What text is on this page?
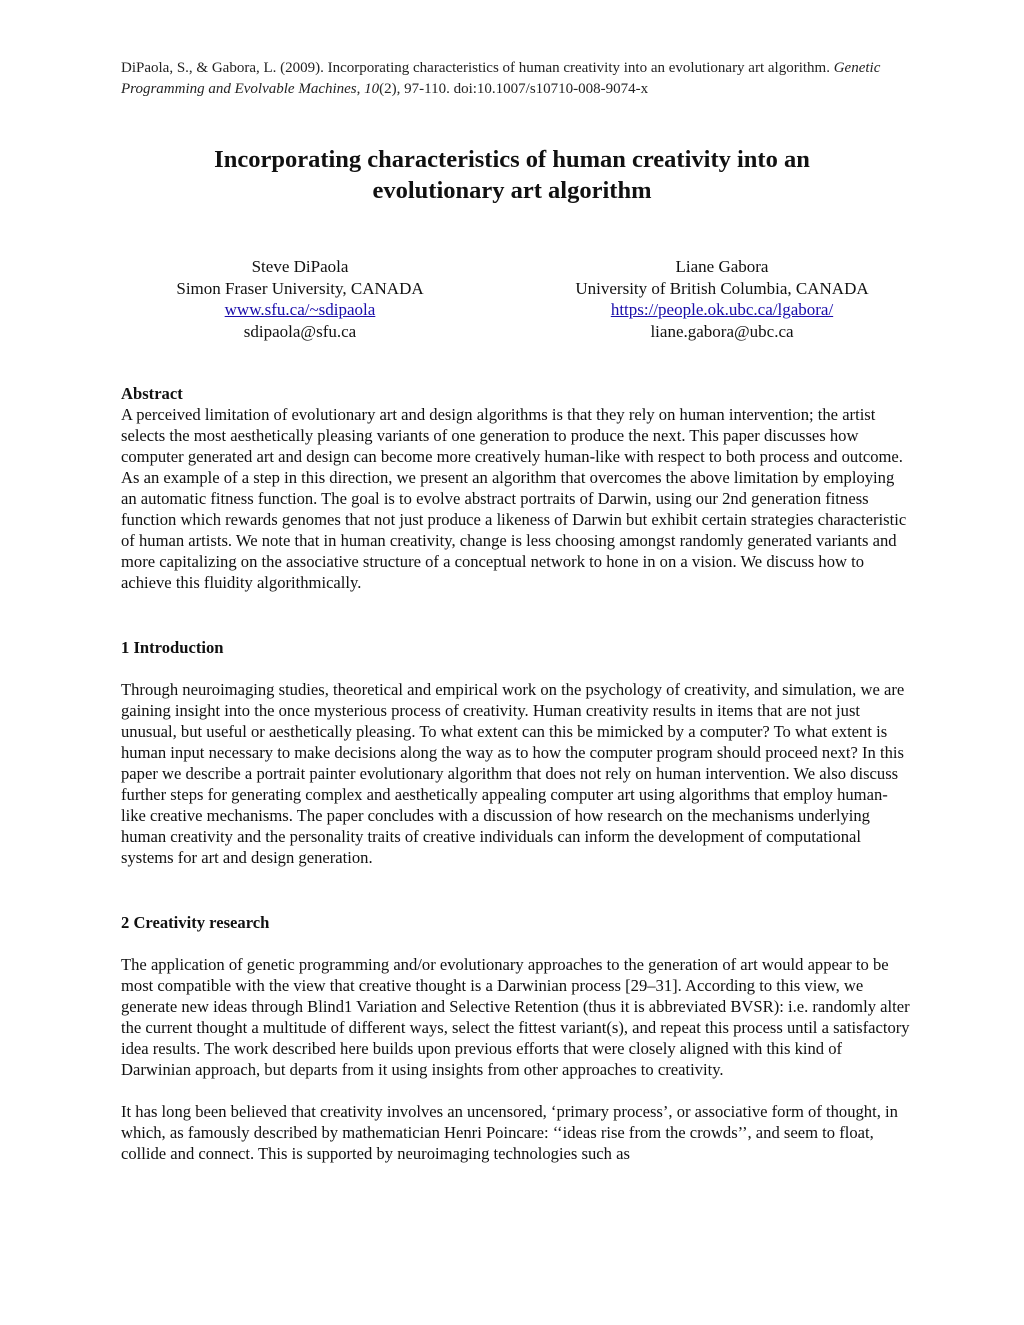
DiPaola, S., & Gabora, L. (2009). Incorporating characteristics of human creativity into an evolutionary art algorithm. Genetic Programming and Evolvable Machines, 10(2), 97-110. doi:10.1007/s10710-008-9074-x
Incorporating characteristics of human creativity into an
evolutionary art algorithm
Steve DiPaola
Simon Fraser University, CANADA
www.sfu.ca/~sdipaola
sdipaola@sfu.ca
Liane Gabora
University of British Columbia, CANADA
https://people.ok.ubc.ca/lgabora/
liane.gabora@ubc.ca

Abstract

A perceived limitation of evolutionary art and design algorithms is that they rely on human intervention; the artist selects the most aesthetically pleasing variants of one generation to produce the next. This paper discusses how computer generated art and design can become more creatively human-like with respect to both process and outcome. As an example of a step in this direction, we present an algorithm that overcomes the above limitation by employing an automatic fitness function. The goal is to evolve abstract portraits of Darwin, using our 2nd generation fitness function which rewards genomes that not just produce a likeness of Darwin but exhibit certain strategies characteristic of human artists. We note that in human creativity, change is less choosing amongst randomly generated variants and more capitalizing on the associative structure of a conceptual network to hone in on a vision. We discuss how to achieve this fluidity algorithmically.

1 Introduction

Through neuroimaging studies, theoretical and empirical work on the psychology of creativity, and simulation, we are gaining insight into the once mysterious process of creativity. Human creativity results in items that are not just unusual, but useful or aesthetically pleasing. To what extent can this be mimicked by a computer? To what extent is human input necessary to make decisions along the way as to how the computer program should proceed next? In this paper we describe a portrait painter evolutionary algorithm that does not rely on human intervention. We also discuss further steps for generating complex and aesthetically appealing computer art using algorithms that employ human-like creative mechanisms. The paper concludes with a discussion of how research on the mechanisms underlying human creativity and the personality traits of creative individuals can inform the development of computational systems for art and design generation.

2 Creativity research

The application of genetic programming and/or evolutionary approaches to the generation of art would appear to be most compatible with the view that creative thought is a Darwinian process [29–31]. According to this view, we generate new ideas through Blind1 Variation and Selective Retention (thus it is abbreviated BVSR): i.e. randomly alter the current thought a multitude of different ways, select the fittest variant(s), and repeat this process until a satisfactory idea results. The work described here builds upon previous efforts that were closely aligned with this kind of Darwinian approach, but departs from it using insights from other approaches to creativity.

It has long been believed that creativity involves an uncensored, ‘primary process’, or associative form of thought, in which, as famously described by mathematician Henri Poincare: ‘‘ideas rise from the crowds’’, and seem to float, collide and connect. This is supported by neuroimaging technologies such as
